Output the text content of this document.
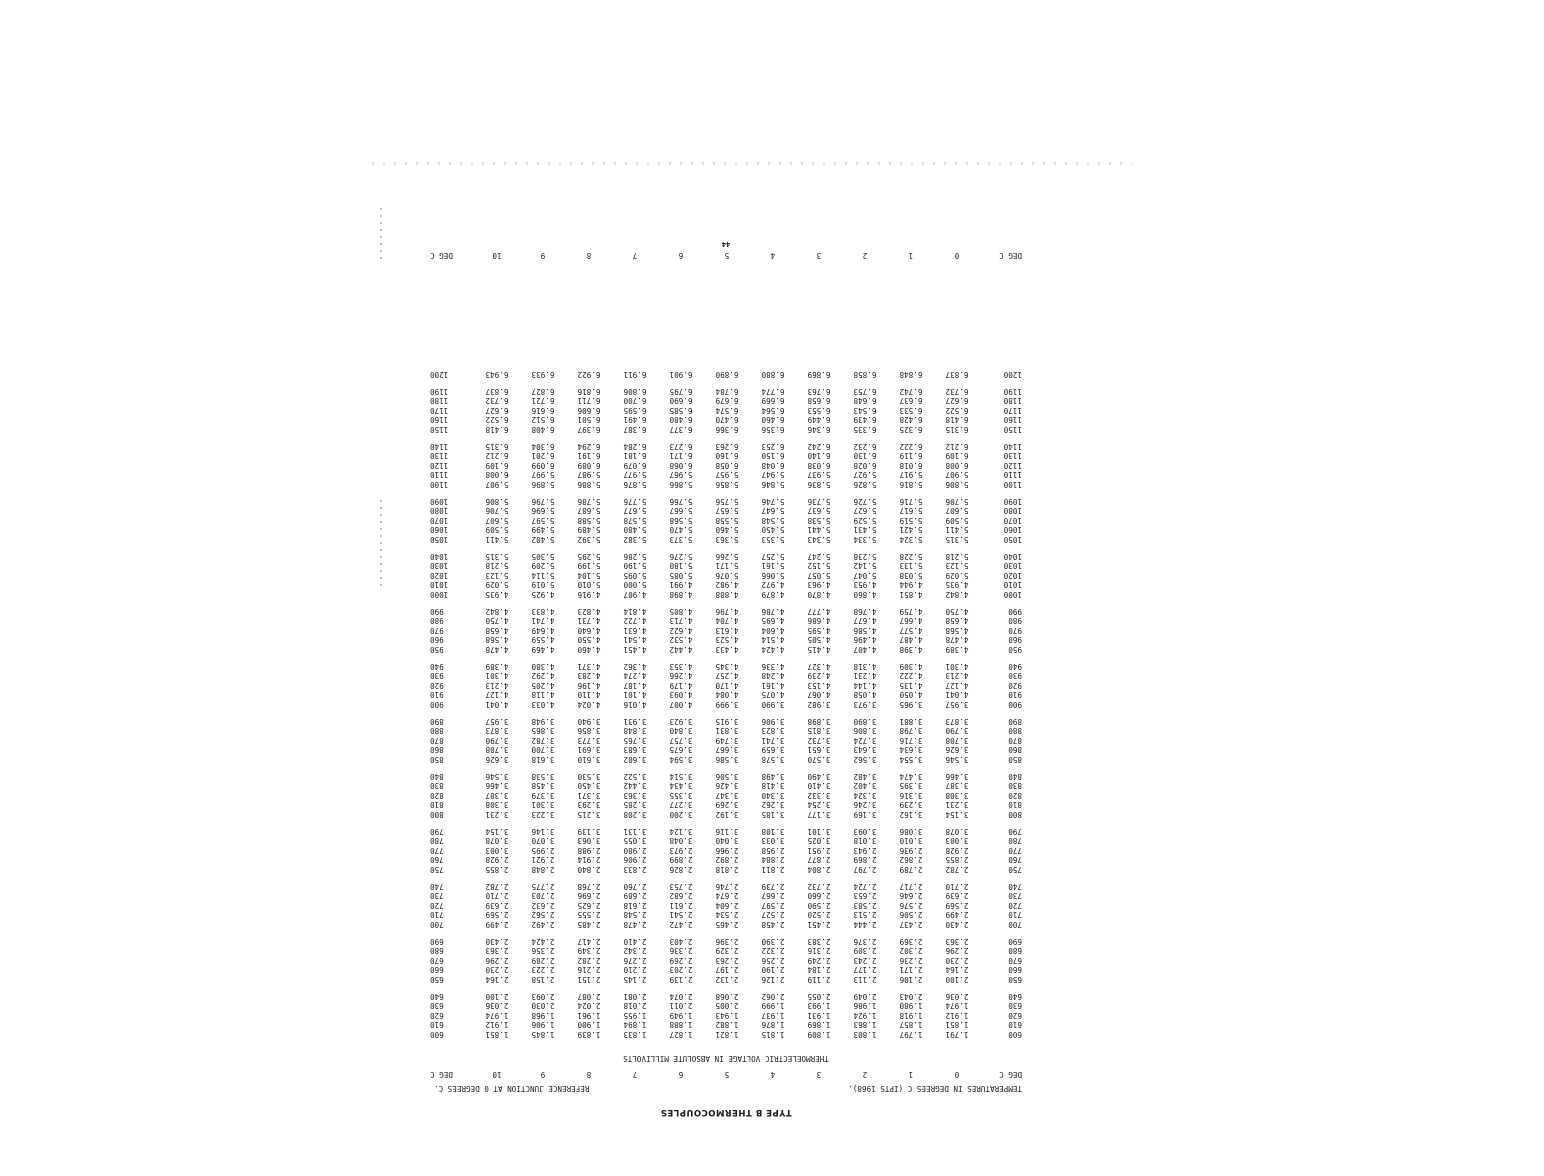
TYPE B THERMOCOUPLES
TEMPERATURES IN DEGREES C (IPTS 1968).
REFERENCE JUNCTION AT 0 DEGREES C.
DEG C
0
1
2
3
4
5
6
7
8
9
10
DEG C
THERMOELECTRIC VOLTAGE IN ABSOLUTE MILLIVOLTS
600
1.791
1.797
1.803
1.809
1.815
1.821
1.827
1.833
1.839
1.845
1.851
600
610
1.851
1.857
1.863
1.869
1.876
1.882
1.888
1.894
1.900
1.906
1.912
610
620
1.912
1.918
1.924
1.931
1.937
1.943
1.949
1.955
1.961
1.968
1.974
620
630
1.974
1.980
1.986
1.993
1.999
2.005
2.011
2.018
2.024
2.030
2.036
630
640
2.036
2.043
2.049
2.055
2.062
2.068
2.074
2.081
2.087
2.093
2.100
640
650
2.100
2.106
2.113
2.119
2.126
2.132
2.139
2.145
2.151
2.158
2.164
650
660
2.164
2.171
2.177
2.184
2.190
2.197
2.203
2.210
2.216
2.223
2.230
660
670
2.230
2.236
2.243
2.249
2.256
2.263
2.269
2.276
2.282
2.289
2.296
670
680
2.296
2.302
2.309
2.316
2.322
2.329
2.336
2.342
2.349
2.356
2.363
680
690
2.363
2.369
2.376
2.383
2.390
2.396
2.403
2.410
2.417
2.424
2.430
690
700
2.430
2.437
2.444
2.451
2.458
2.465
2.472
2.478
2.485
2.492
2.499
700
710
2.499
2.506
2.513
2.520
2.527
2.534
2.541
2.548
2.555
2.562
2.569
710
720
2.569
2.576
2.583
2.590
2.597
2.604
2.611
2.618
2.625
2.632
2.639
720
730
2.639
2.646
2.653
2.660
2.667
2.674
2.682
2.689
2.696
2.703
2.710
730
740
2.710
2.717
2.724
2.732
2.739
2.746
2.753
2.760
2.768
2.775
2.782
740
750
2.782
2.789
2.797
2.804
2.811
2.818
2.826
2.833
2.840
2.848
2.855
750
760
2.855
2.862
2.869
2.877
2.884
2.892
2.899
2.906
2.914
2.921
2.928
760
770
2.928
2.936
2.943
2.951
2.958
2.966
2.973
2.980
2.988
2.995
3.003
770
780
3.003
3.010
3.018
3.025
3.033
3.040
3.048
3.055
3.063
3.070
3.078
780
790
3.078
3.086
3.093
3.101
3.108
3.116
3.124
3.131
3.139
3.146
3.154
790
800
3.154
3.162
3.169
3.177
3.185
3.192
3.200
3.208
3.215
3.223
3.231
800
810
3.231
3.239
3.246
3.254
3.262
3.269
3.277
3.285
3.293
3.301
3.308
810
820
3.308
3.316
3.324
3.332
3.340
3.347
3.355
3.363
3.371
3.379
3.387
820
830
3.387
3.395
3.402
3.410
3.418
3.426
3.434
3.442
3.450
3.458
3.466
830
840
3.466
3.474
3.482
3.490
3.498
3.506
3.514
3.522
3.530
3.538
3.546
840
850
3.546
3.554
3.562
3.570
3.578
3.586
3.594
3.602
3.610
3.618
3.626
850
860
3.626
3.634
3.643
3.651
3.659
3.667
3.675
3.683
3.691
3.700
3.708
860
870
3.708
3.716
3.724
3.732
3.741
3.749
3.757
3.765
3.773
3.782
3.790
870
880
3.790
3.798
3.806
3.815
3.823
3.831
3.840
3.848
3.856
3.865
3.873
880
890
3.873
3.881
3.890
3.898
3.906
3.915
3.923
3.931
3.940
3.948
3.957
890
900
3.957
3.965
3.973
3.982
3.990
3.999
4.007
4.016
4.024
4.033
4.041
900
910
4.041
4.050
4.058
4.067
4.075
4.084
4.093
4.101
4.110
4.118
4.127
910
920
4.127
4.135
4.144
4.153
4.161
4.170
4.179
4.187
4.196
4.205
4.213
920
930
4.213
4.222
4.231
4.239
4.248
4.257
4.266
4.274
4.283
4.292
4.301
930
940
4.301
4.309
4.318
4.327
4.336
4.345
4.353
4.362
4.371
4.380
4.389
940
950
4.389
4.398
4.407
4.415
4.424
4.433
4.442
4.451
4.460
4.469
4.478
950
960
4.478
4.487
4.496
4.505
4.514
4.523
4.532
4.541
4.550
4.559
4.568
960
970
4.568
4.577
4.586
4.595
4.604
4.613
4.622
4.631
4.640
4.649
4.658
970
980
4.658
4.667
4.677
4.686
4.695
4.704
4.713
4.722
4.731
4.741
4.750
980
990
4.750
4.759
4.768
4.777
4.786
4.796
4.805
4.814
4.823
4.833
4.842
990
1000
4.842
4.851
4.860
4.870
4.879
4.888
4.898
4.907
4.916
4.925
4.935
1000
1010
4.935
4.944
4.953
4.963
4.972
4.982
4.991
5.000
5.010
5.019
5.029
1010
1020
5.029
5.038
5.047
5.057
5.066
5.076
5.085
5.095
5.104
5.114
5.123
1020
1030
5.123
5.133
5.142
5.152
5.161
5.171
5.180
5.190
5.199
5.209
5.218
1030
1040
5.218
5.228
5.238
5.247
5.257
5.266
5.276
5.286
5.295
5.305
5.315
1040
1050
5.315
5.324
5.334
5.343
5.353
5.363
5.373
5.382
5.392
5.402
5.411
1050
1060
5.411
5.421
5.431
5.441
5.450
5.460
5.470
5.480
5.489
5.499
5.509
1060
1070
5.509
5.519
5.529
5.538
5.548
5.558
5.568
5.578
5.588
5.597
5.607
1070
1080
5.607
5.617
5.627
5.637
5.647
5.657
5.667
5.677
5.687
5.696
5.706
1080
1090
5.706
5.716
5.726
5.736
5.746
5.756
5.766
5.776
5.786
5.796
5.806
1090
1100
5.806
5.816
5.826
5.836
5.846
5.856
5.866
5.876
5.886
5.896
5.907
1100
1110
5.907
5.917
5.927
5.937
5.947
5.957
5.967
5.977
5.987
5.997
6.008
1110
1120
6.008
6.018
6.028
6.038
6.048
6.058
6.068
6.079
6.089
6.099
6.109
1120
1130
6.109
6.119
6.130
6.140
6.150
6.160
6.171
6.181
6.191
6.201
6.212
1130
1140
6.212
6.222
6.232
6.242
6.253
6.263
6.273
6.284
6.294
6.304
6.315
1140
1150
6.315
6.325
6.335
6.346
6.356
6.366
6.377
6.387
6.397
6.408
6.418
1150
1160
6.418
6.428
6.439
6.449
6.460
6.470
6.480
6.491
6.501
6.512
6.522
1160
1170
6.522
6.533
6.543
6.553
6.564
6.574
6.585
6.595
6.606
6.616
6.627
1170
1180
6.627
6.637
6.648
6.658
6.669
6.679
6.690
6.700
6.711
6.721
6.732
1180
1190
6.732
6.742
6.753
6.763
6.774
6.784
6.795
6.806
6.816
6.827
6.837
1190
1200
6.837
6.848
6.858
6.869
6.880
6.890
6.901
6.911
6.922
6.933
6.943
1200
DEG C
0
1
2
3
4
5
6
7
8
9
10
DEG C
44
